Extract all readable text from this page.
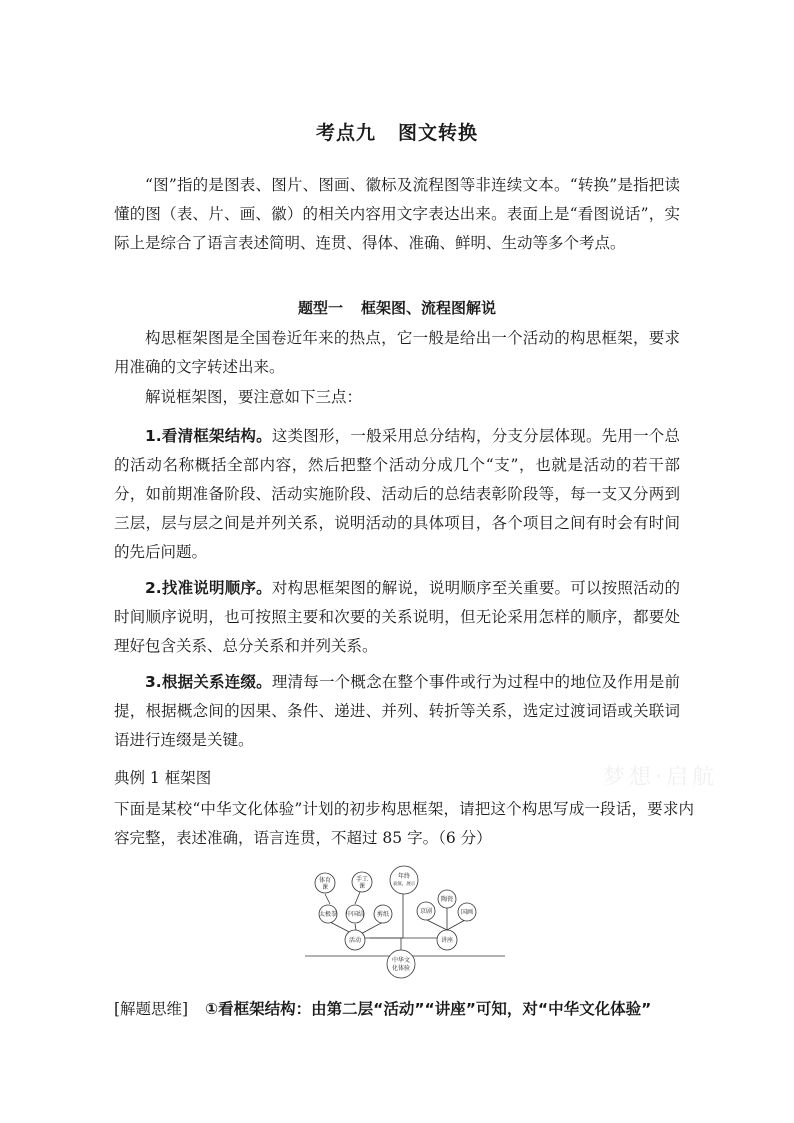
考点九 图文转换
“图”指的是图表、图片、图画、徽标及流程图等非连续文本。“转换”是指把读懂的图（表、片、画、徽）的相关内容用文字表达出来。表面上是“看图说话”，实际上是综合了语言表述简明、连贯、得体、准确、鲜明、生动等多个考点。
题型一 框架图、流程图解说
构思框架图是全国卷近年来的热点，它一般是给出一个活动的构思框架，要求用准确的文字转述出来。
解说框架图，要注意如下三点：
1.看清框架结构。这类图形，一般采用总分结构，分支分层体现。先用一个总的活动名称概括全部内容，然后把整个活动分成几个“支”，也就是活动的若干部分，如前期准备阶段、活动实施阶段、活动后的总结表彰阶段等，每一支又分两到三层，层与层之间是并列关系，说明活动的具体项目，各个项目之间有时会有时间的先后问题。
2.找准说明顺序。对构思框架图的解说，说明顺序至关重要。可以按照活动的时间顺序说明，也可按照主要和次要的关系说明，但无论采用怎样的顺序，都要处理好包含关系、总分关系和并列关系。
3.根据关系连缀。理清每一个概念在整个事件或行为过程中的地位及作用是前提，根据概念间的因果、条件、递进、并列、转折等关系，选定过渡词语或关联词语进行连缀是关键。
梦想·启航
典例 1 框架图
下面是某校“中华文化体验”计划的初步构思框架，请把这个构思写成一段话，要求内容完整，表述准确，语言连贯，不超过 85 字。（6 分）
中华文
化体验
活动	讲座
太极拳 中国结 剪纸
体育
课
手工
课
年终
表演、展示
京剧
陶瓷
国画
[解题思维] ①看框架结构：由第二层“活动”“讲座”可知，对“中华文化体验”
